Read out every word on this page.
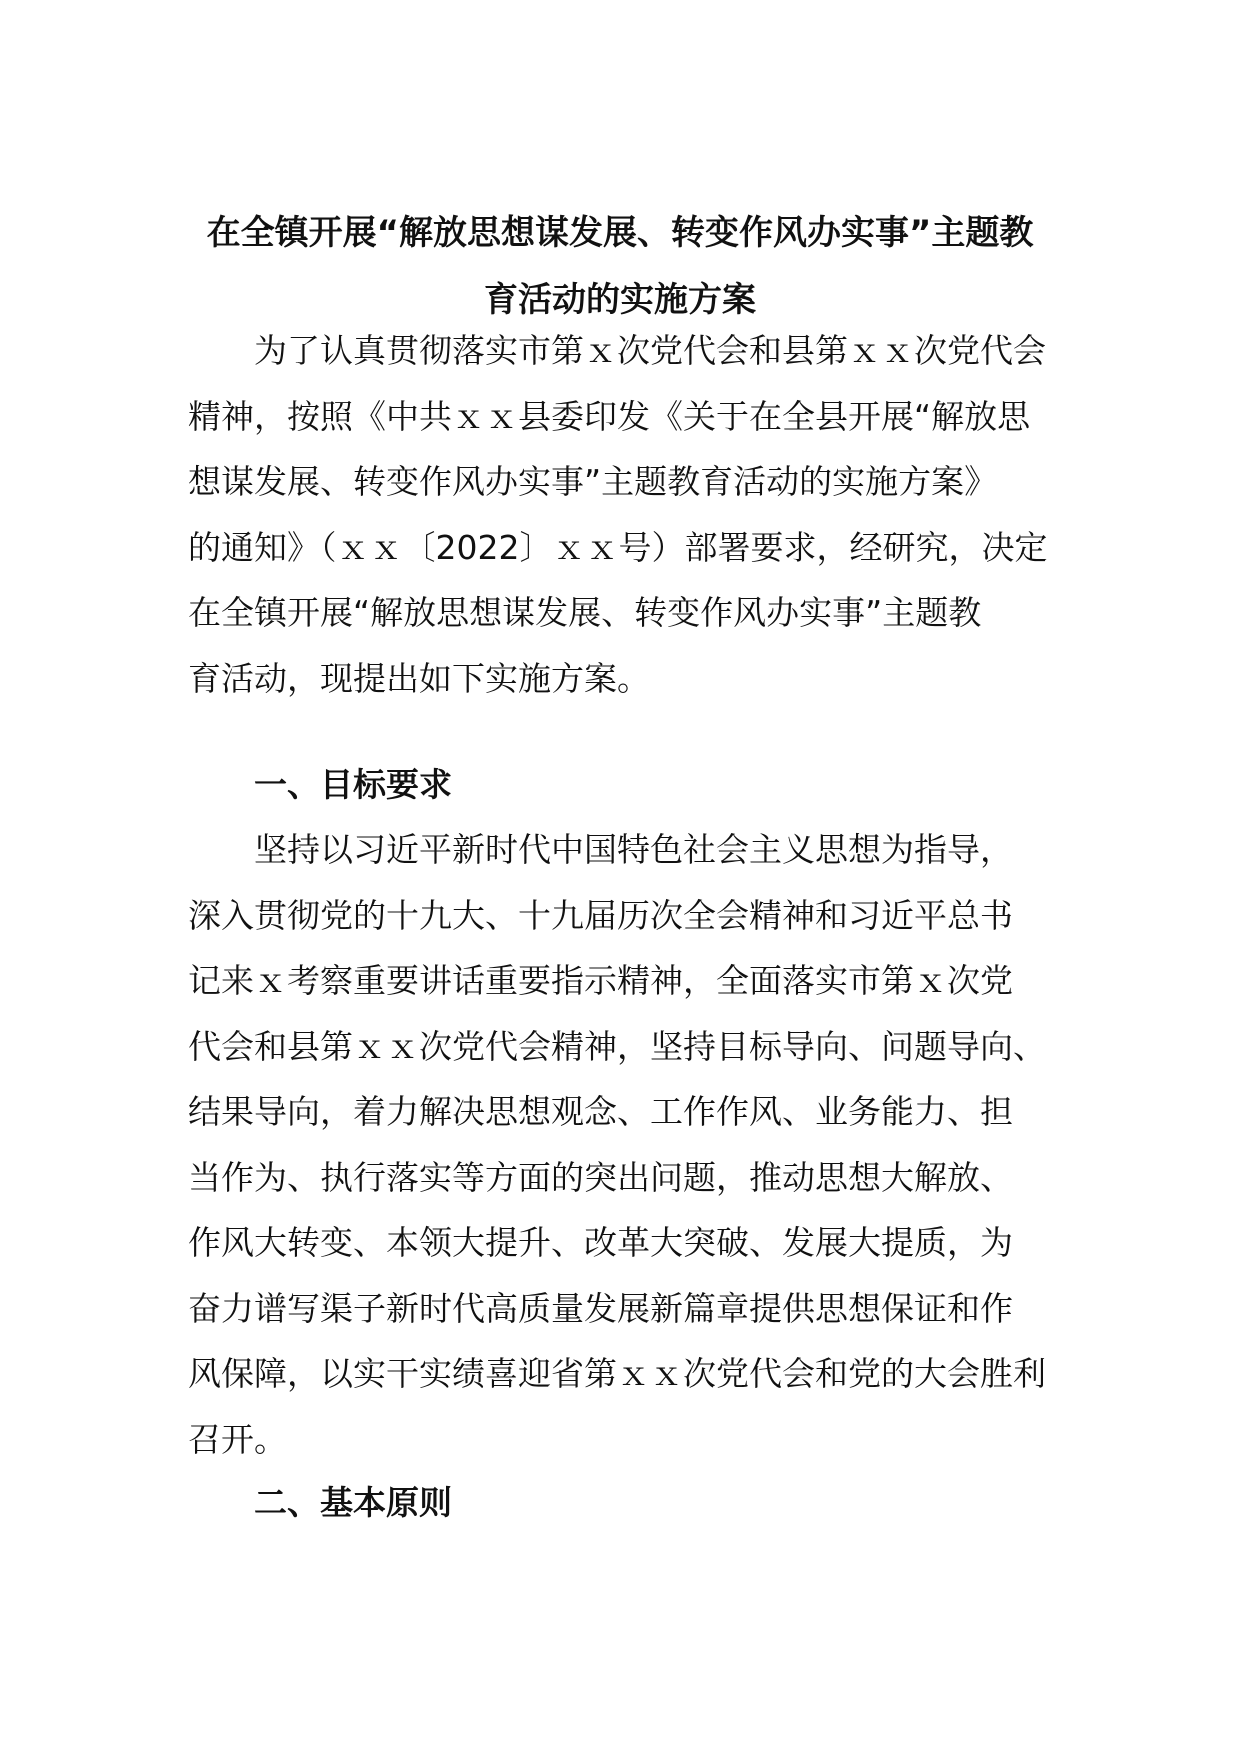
在全镇开展“解放思想谋发展、转变作风办实事”主题教
育活动的实施方案

为了认真贯彻落实市第ｘ次党代会和县第ｘｘ次党代会
精神，按照《中共ｘｘ县委印发《关于在全县开展“解放思
想谋发展、转变作风办实事”主题教育活动的实施方案》
的通知》（ｘｘ〔2022〕ｘｘ号）部署要求，经研究，决定
在全镇开展“解放思想谋发展、转变作风办实事”主题教
育活动，现提出如下实施方案。

一、目标要求

坚持以习近平新时代中国特色社会主义思想为指导，
深入贯彻党的十九大、十九届历次全会精神和习近平总书
记来ｘ考察重要讲话重要指示精神，全面落实市第ｘ次党
代会和县第ｘｘ次党代会精神，坚持目标导向、问题导向、
结果导向，着力解决思想观念、工作作风、业务能力、担
当作为、执行落实等方面的突出问题，推动思想大解放、
作风大转变、本领大提升、改革大突破、发展大提质，为
奋力谱写渠子新时代高质量发展新篇章提供思想保证和作
风保障，以实干实绩喜迎省第ｘｘ次党代会和党的大会胜利
召开。

二、基本原则
